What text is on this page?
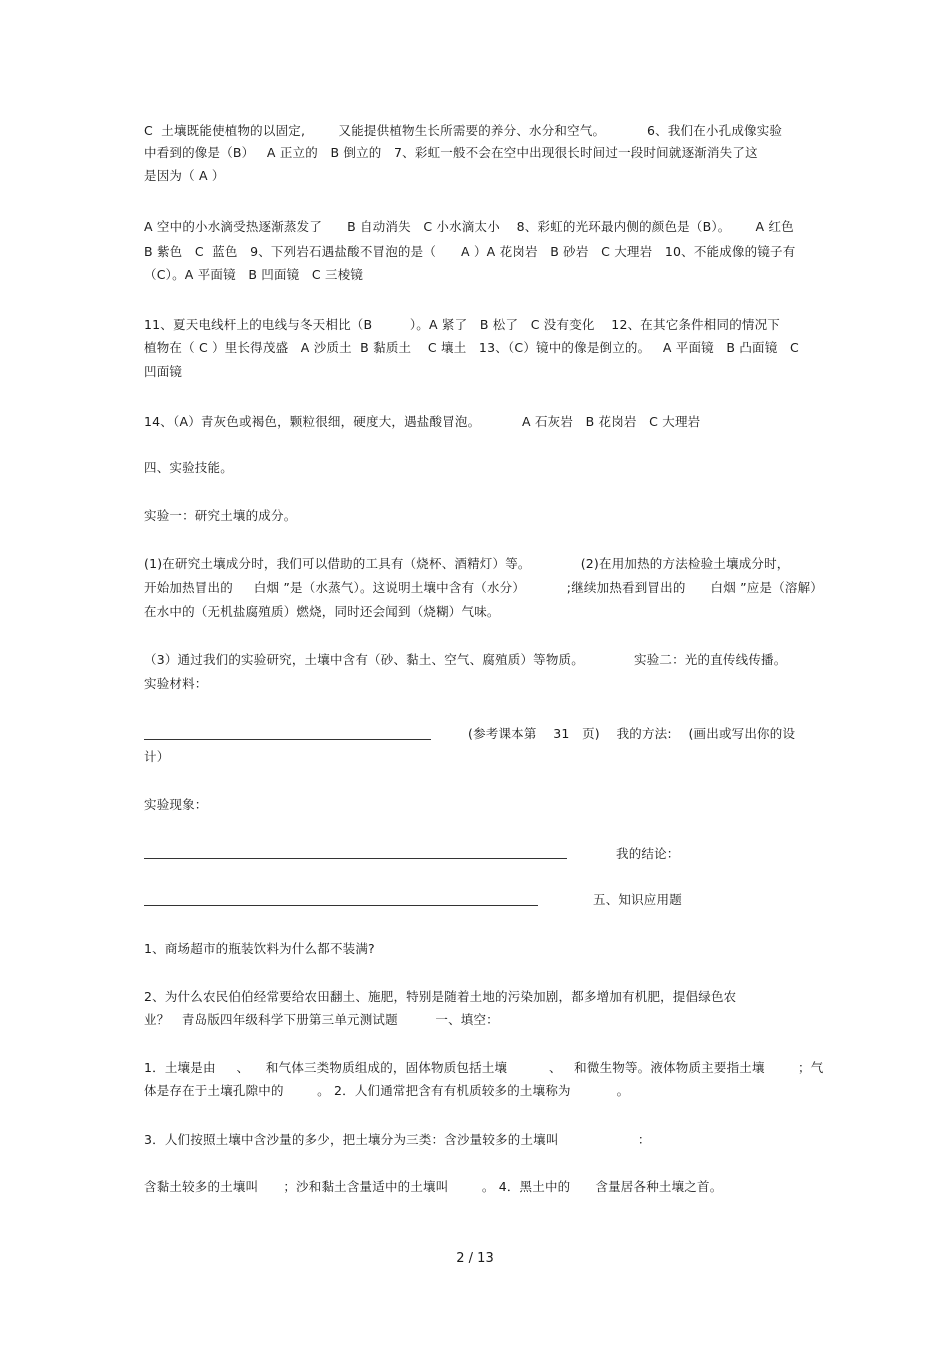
C  土壤既能使植物的以固定,        又能提供植物生长所需要的养分、水分和空气。          6、我们在小孔成像实验
中看到的像是（B）   A 正立的   B 倒立的   7、彩虹一般不会在空中出现很长时间过一段时间就逐渐消失了这
是因为（ A ）
A 空中的小水滴受热逐渐蒸发了      B 自动消失   C 小水滴太小    8、彩虹的光环最内侧的颜色是（B）。      A 红色
B 紫色   C  蓝色   9、下列岩石遇盐酸不冒泡的是（      A ）A 花岗岩   B 砂岩   C 大理岩   10、不能成像的镜子有
（C）。A 平面镜   B 凹面镜   C 三棱镜
11、夏天电线杆上的电线与冬天相比（B         ）。A 紧了   B 松了   C 没有变化    12、在其它条件相同的情况下
植物在（ C ）里长得茂盛   A 沙质土  B 黏质土    C 壤土   13、（C）镜中的像是倒立的。   A 平面镜   B 凸面镜   C
凹面镜
14、（A）青灰色或褐色，颗粒很细，硬度大，遇盐酸冒泡。          A 石灰岩   B 花岗岩   C 大理岩
四、实验技能。
实验一：研究土壤的成分。
(1)在研究土壤成分时，我们可以借助的工具有（烧杯、酒精灯）等。            (2)在用加热的方法检验土壤成分时，
开始加热冒出的     白烟 ”是（水蒸气）。这说明土壤中含有（水分）          ;继续加热看到冒出的      白烟 ”应是（溶解）
在水中的（无机盐腐殖质）燃烧，同时还会闻到（烧糊）气味。
（3）通过我们的实验研究，土壤中含有（砂、黏土、空气、腐殖质）等物质。            实验二：光的直传线传播。
实验材料：
(参考课本第    31   页)    我的方法:    (画出或写出你的设
计）
实验现象：
我的结论：
五、知识应用题
1、商场超市的瓶装饮料为什么都不装满?
2、为什么农民伯伯经常要给农田翻土、施肥，特别是随着土地的污染加剧，都多增加有机肥，提倡绿色农
业？   青岛版四年级科学下册第三单元测试题         一、填空：
1．土壤是由     、    和气体三类物质组成的，固体物质包括土壤          、   和微生物等。液体物质主要指土壤        ；气
体是存在于土壤孔隙中的        。 2．人们通常把含有有机质较多的土壤称为           。
3．人们按照土壤中含沙量的多少，把土壤分为三类：含沙量较多的土壤叫                   ：
含黏土较多的土壤叫      ；沙和黏土含量适中的土壤叫        。 4．黑土中的      含量居各种土壤之首。
2 / 13
